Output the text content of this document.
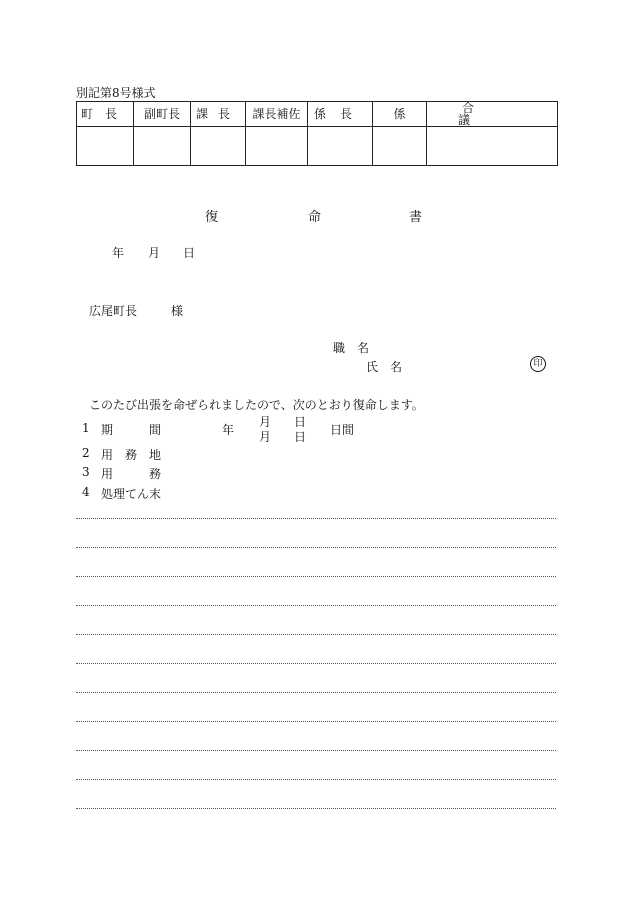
別記第8号様式
町長	副町長	課長	課長補佐	係長	係	合議

復	命	書
年 月 日
広尾町長	様
職　名
氏　名	印
このたび出張を命ぜられましたので、次のとおり復命します。
1 期　　　間	年
月 日
月 日 日間
2 用　務　地
3 用　　　務
4 処理てん末
